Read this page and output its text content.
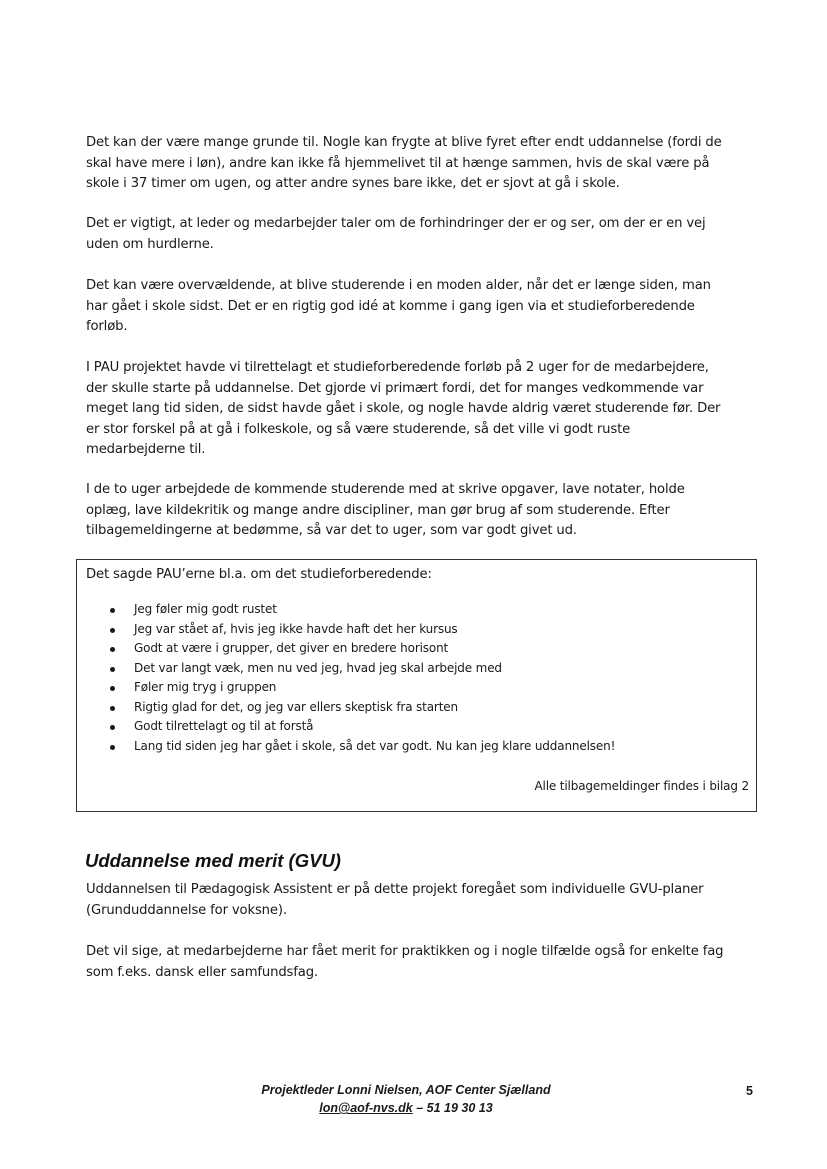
Det kan der være mange grunde til. Nogle kan frygte at blive fyret efter endt uddannelse (fordi de
skal have mere i løn), andre kan ikke få hjemmelivet til at hænge sammen, hvis de skal være på
skole i 37 timer om ugen, og atter andre synes bare ikke, det er sjovt at gå i skole.

Det er vigtigt, at leder og medarbejder taler om de forhindringer der er og ser, om der er en vej
uden om hurdlerne.

Det kan være overvældende, at blive studerende i en moden alder, når det er længe siden, man
har gået i skole sidst. Det er en rigtig god idé at komme i gang igen via et studieforberedende
forløb.

I PAU projektet havde vi tilrettelagt et studieforberedende forløb på 2 uger for de medarbejdere,
der skulle starte på uddannelse. Det gjorde vi primært fordi, det for manges vedkommende var
meget lang tid siden, de sidst havde gået i skole, og nogle havde aldrig været studerende før. Der
er stor forskel på at gå i folkeskole, og så være studerende, så det ville vi godt ruste
medarbejderne til.

I de to uger arbejdede de kommende studerende med at skrive opgaver, lave notater, holde
oplæg, lave kildekritik og mange andre discipliner, man gør brug af som studerende. Efter
tilbagemeldingerne at bedømme, så var det to uger, som var godt givet ud.

Det sagde PAU’erne bl.a. om det studieforberedende:

Jeg føler mig godt rustet
Jeg var stået af, hvis jeg ikke havde haft det her kursus
Godt at være i grupper, det giver en bredere horisont
Det var langt væk, men nu ved jeg, hvad jeg skal arbejde med
Føler mig tryg i gruppen
Rigtig glad for det, og jeg var ellers skeptisk fra starten
Godt tilrettelagt og til at forstå
Lang tid siden jeg har gået i skole, så det var godt. Nu kan jeg klare uddannelsen!

Alle tilbagemeldinger findes i bilag 2

Uddannelse med merit (GVU)

Uddannelsen til Pædagogisk Assistent er på dette projekt foregået som individuelle GVU-planer
(Grunduddannelse for voksne).

Det vil sige, at medarbejderne har fået merit for praktikken og i nogle tilfælde også for enkelte fag
som f.eks. dansk eller samfundsfag.

Projektleder Lonni Nielsen, AOF Center Sjælland
lon@aof-nvs.dk – 51 19 30 13
5
